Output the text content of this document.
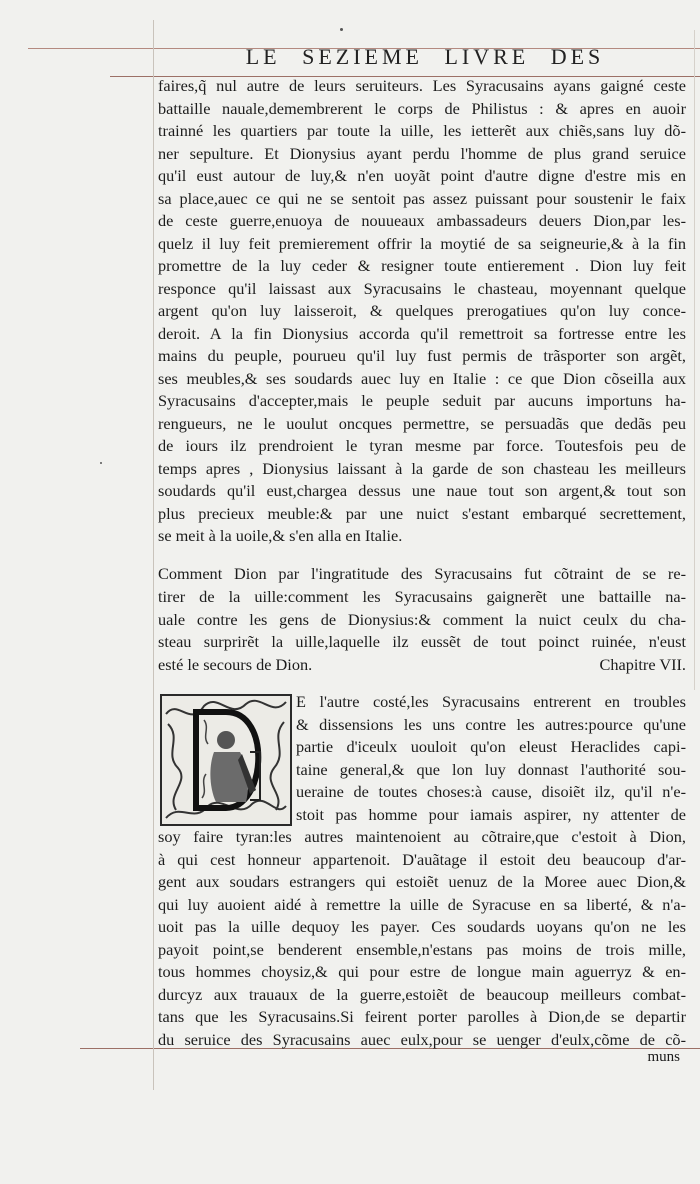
LE SEZIEME LIVRE DES
faires,q̃ nul autre de leurs seruiteurs. Les Syracusains ayans gaigné ceste
battaille nauale,demembrerent le corps de Philistus : & apres en auoir
trainné les quartiers par toute la uille, les ietterẽt aux chiẽs,sans luy dõ-
ner sepulture. Et Dionysius ayant perdu l'homme de plus grand seruice
qu'il eust autour de luy,& n'en uoyãt point d'autre digne d'estre mis en
sa place,auec ce qui ne se sentoit pas assez puissant pour soustenir le faix
de ceste guerre,enuoya de nouueaux ambassadeurs deuers Dion,par les-
quelz il luy feit premierement offrir la moytié de sa seigneurie,& à la fin
promettre de la luy ceder & resigner toute entierement . Dion luy feit
responce qu'il laissast aux Syracusains le chasteau, moyennant quelque
argent qu'on luy laisseroit, & quelques prerogatiues qu'on luy conce-
deroit. A la fin Dionysius accorda qu'il remettroit sa fortresse entre les
mains du peuple, pourueu qu'il luy fust permis de trãsporter son argẽt,
ses meubles,& ses soudards auec luy en Italie : ce que Dion cõseilla aux
Syracusains d'accepter,mais le peuple seduit par aucuns importuns ha-
rengueurs, ne le uoulut oncques permettre, se persuadãs que dedãs peu
de iours ilz prendroient le tyran mesme par force. Toutesfois peu de
temps apres , Dionysius laissant à la garde de son chasteau les meilleurs
soudards qu'il eust,chargea dessus une naue tout son argent,& tout son
plus precieux meuble:& par une nuict s'estant embarqué secrettement,
se meit à la uoile,& s'en alla en Italie.
Comment Dion par l'ingratitude des Syracusains fut cõtraint de se re-
tirer de la uille:comment les Syracusains gaignerẽt une battaille na-
uale contre les gens de Dionysius:& comment la nuict ceulx du cha-
steau surprirẽt la uille,laquelle ilz eussẽt de tout poinct ruinée, n'eust
esté le secours de Dion.	Chapitre VII.
E l'autre costé,les Syracusains entrerent en troubles
& dissensions les uns contre les autres:pource qu'une
partie d'iceulx uouloit qu'on eleust Heraclides capi-
taine general,& que lon luy donnast l'authorité sou-
ueraine de toutes choses:à cause, disoiẽt ilz, qu'il n'e-
stoit pas homme pour iamais aspirer, ny attenter de
soy faire tyran:les autres maintenoient au cõtraire,que c'estoit à Dion,
à qui cest honneur appartenoit. D'auãtage il estoit deu beaucoup d'ar-
gent aux soudars estrangers qui estoiẽt uenuz de la Moree auec Dion,&
qui luy auoient aidé à remettre la uille de Syracuse en sa liberté, & n'a-
uoit pas la uille dequoy les payer. Ces soudards uoyans qu'on ne les
payoit point,se benderent ensemble,n'estans pas moins de trois mille,
tous hommes choysiz,& qui pour estre de longue main aguerryz & en-
durcyz aux trauaux de la guerre,estoiẽt de beaucoup meilleurs combat-
tans que les Syracusains.Si feirent porter parolles à Dion,de se departir
du seruice des Syracusains auec eulx,pour se uenger d'eulx,cõme de cõ-
muns
